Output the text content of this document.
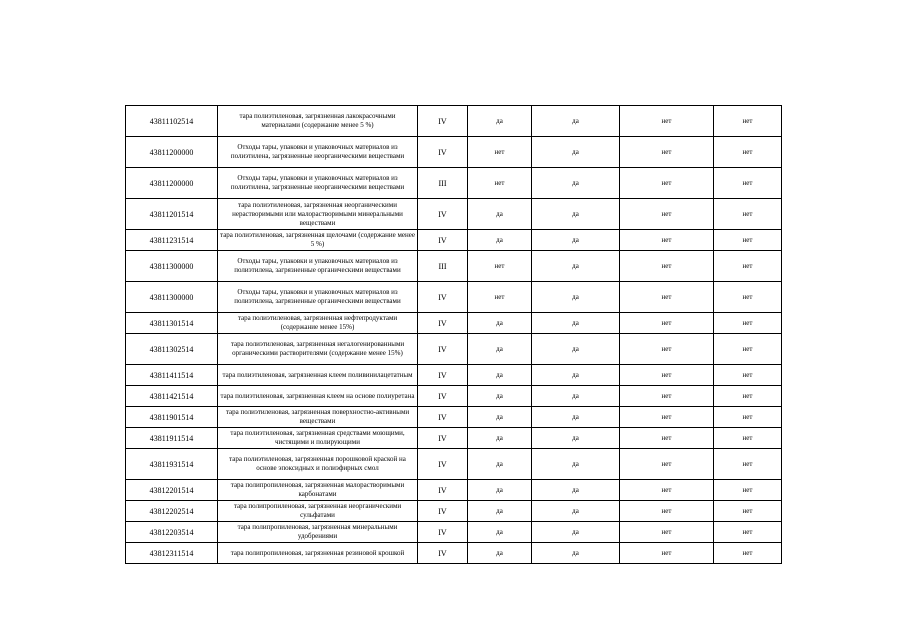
43811102514	тара полиэтиленовая, загрязненная лакокрасочными материалами (содержание менее 5 %)	IV	да	да	нет	нет
43811200000	Отходы тары, упаковки и упаковочных материалов из полиэтилена, загрязненные неорганическими веществами	IV	нет	да	нет	нет
43811200000	Отходы тары, упаковки и упаковочных материалов из полиэтилена, загрязненные неорганическими веществами	III	нет	да	нет	нет
43811201514	тара полиэтиленовая, загрязненная неорганическими нерастворимыми или малорастворимыми минеральными веществами	IV	да	да	нет	нет
43811231514	тара полиэтиленовая, загрязненная щелочами (содержание менее 5 %)	IV	да	да	нет	нет
43811300000	Отходы тары, упаковки и упаковочных материалов из полиэтилена, загрязненные органическими веществами	III	нет	да	нет	нет
43811300000	Отходы тары, упаковки и упаковочных материалов из полиэтилена, загрязненные органическими веществами	IV	нет	да	нет	нет
43811301514	тара полиэтиленовая, загрязненная нефтепродуктами (содержание менее 15%)	IV	да	да	нет	нет
43811302514	тара полиэтиленовая, загрязненная негалогенированными органическими растворителями (содержание менее 15%)	IV	да	да	нет	нет
43811411514	тара полиэтиленовая, загрязненная клеем поливинилацетатным	IV	да	да	нет	нет
43811421514	тара полиэтиленовая, загрязненная клеем на основе полиуретана	IV	да	да	нет	нет
43811901514	тара полиэтиленовая, загрязненная поверхностно-активными веществами	IV	да	да	нет	нет
43811911514	тара полиэтиленовая, загрязненная средствами моющими, чистящими и полирующими	IV	да	да	нет	нет
43811931514	тара полиэтиленовая, загрязненная порошковой краской на основе эпоксидных и полиэфирных смол	IV	да	да	нет	нет
43812201514	тара полипропиленовая, загрязненная малорастворимыми карбонатами	IV	да	да	нет	нет
43812202514	тара полипропиленовая, загрязненная неорганическими сульфатами	IV	да	да	нет	нет
43812203514	тара полипропиленовая, загрязненная минеральными удобрениями	IV	да	да	нет	нет
43812311514	тара полипропиленовая, загрязненная резиновой крошкой	IV	да	да	нет	нет
